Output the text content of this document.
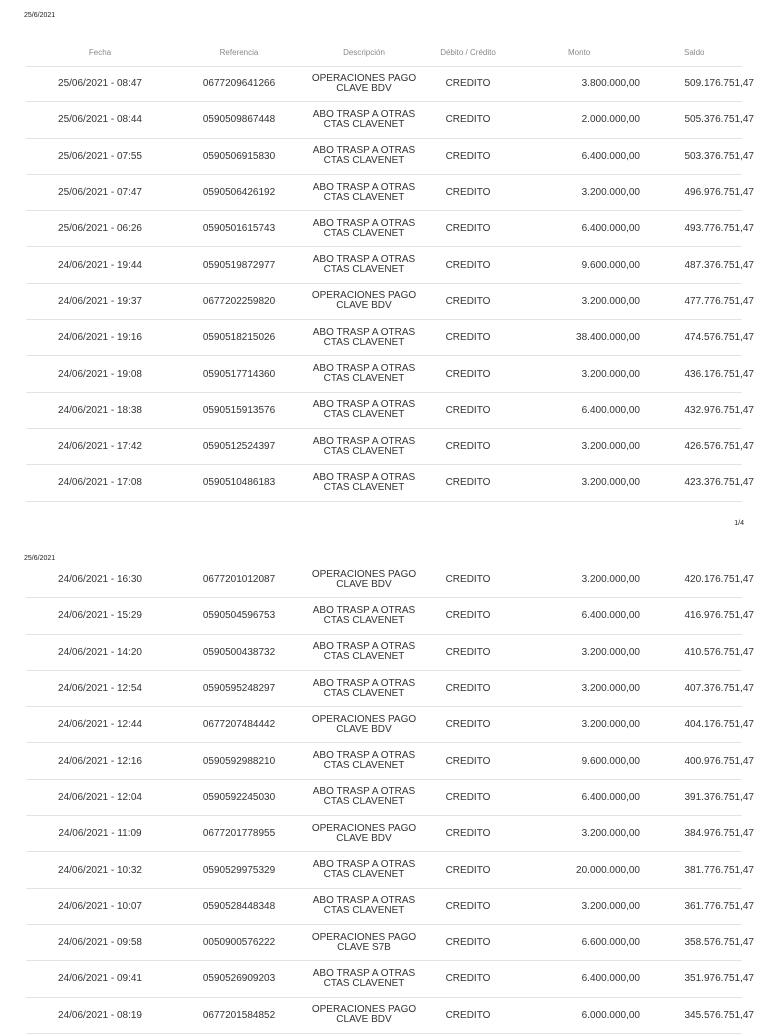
25/6/2021
Fecha	Referencia	Descripción	Débito / Crédito	Monto	Saldo
25/06/2021 - 08:47	0677209641266	OPERACIONES PAGO
CLAVE BDV	CREDITO	3.800.000,00	509.176.751,47
25/06/2021 - 08:44	0590509867448	ABO TRASP A OTRAS
CTAS CLAVENET	CREDITO	2.000.000,00	505.376.751,47
25/06/2021 - 07:55	0590506915830	ABO TRASP A OTRAS
CTAS CLAVENET	CREDITO	6.400.000,00	503.376.751,47
25/06/2021 - 07:47	0590506426192	ABO TRASP A OTRAS
CTAS CLAVENET	CREDITO	3.200.000,00	496.976.751,47
25/06/2021 - 06:26	0590501615743	ABO TRASP A OTRAS
CTAS CLAVENET	CREDITO	6.400.000,00	493.776.751,47
24/06/2021 - 19:44	0590519872977	ABO TRASP A OTRAS
CTAS CLAVENET	CREDITO	9.600.000,00	487.376.751,47
24/06/2021 - 19:37	0677202259820	OPERACIONES PAGO
CLAVE BDV	CREDITO	3.200.000,00	477.776.751,47
24/06/2021 - 19:16	0590518215026	ABO TRASP A OTRAS
CTAS CLAVENET	CREDITO	38.400.000,00	474.576.751,47
24/06/2021 - 19:08	0590517714360	ABO TRASP A OTRAS
CTAS CLAVENET	CREDITO	3.200.000,00	436.176.751,47
24/06/2021 - 18:38	0590515913576	ABO TRASP A OTRAS
CTAS CLAVENET	CREDITO	6.400.000,00	432.976.751,47
24/06/2021 - 17:42	0590512524397	ABO TRASP A OTRAS
CTAS CLAVENET	CREDITO	3.200.000,00	426.576.751,47
24/06/2021 - 17:08	0590510486183	ABO TRASP A OTRAS
CTAS CLAVENET	CREDITO	3.200.000,00	423.376.751,47
1/4
25/6/2021
24/06/2021 - 16:30	0677201012087	OPERACIONES PAGO
CLAVE BDV	CREDITO	3.200.000,00	420.176.751,47
24/06/2021 - 15:29	0590504596753	ABO TRASP A OTRAS
CTAS CLAVENET	CREDITO	6.400.000,00	416.976.751,47
24/06/2021 - 14:20	0590500438732	ABO TRASP A OTRAS
CTAS CLAVENET	CREDITO	3.200.000,00	410.576.751,47
24/06/2021 - 12:54	0590595248297	ABO TRASP A OTRAS
CTAS CLAVENET	CREDITO	3.200.000,00	407.376.751,47
24/06/2021 - 12:44	0677207484442	OPERACIONES PAGO
CLAVE BDV	CREDITO	3.200.000,00	404.176.751,47
24/06/2021 - 12:16	0590592988210	ABO TRASP A OTRAS
CTAS CLAVENET	CREDITO	9.600.000,00	400.976.751,47
24/06/2021 - 12:04	0590592245030	ABO TRASP A OTRAS
CTAS CLAVENET	CREDITO	6.400.000,00	391.376.751,47
24/06/2021 - 11:09	0677201778955	OPERACIONES PAGO
CLAVE BDV	CREDITO	3.200.000,00	384.976.751,47
24/06/2021 - 10:32	0590529975329	ABO TRASP A OTRAS
CTAS CLAVENET	CREDITO	20.000.000,00	381.776.751,47
24/06/2021 - 10:07	0590528448348	ABO TRASP A OTRAS
CTAS CLAVENET	CREDITO	3.200.000,00	361.776.751,47
24/06/2021 - 09:58	0050900576222	OPERACIONES PAGO
CLAVE S7B	CREDITO	6.600.000,00	358.576.751,47
24/06/2021 - 09:41	0590526909203	ABO TRASP A OTRAS
CTAS CLAVENET	CREDITO	6.400.000,00	351.976.751,47
24/06/2021 - 08:19	0677201584852	OPERACIONES PAGO
CLAVE BDV	CREDITO	6.000.000,00	345.576.751,47
